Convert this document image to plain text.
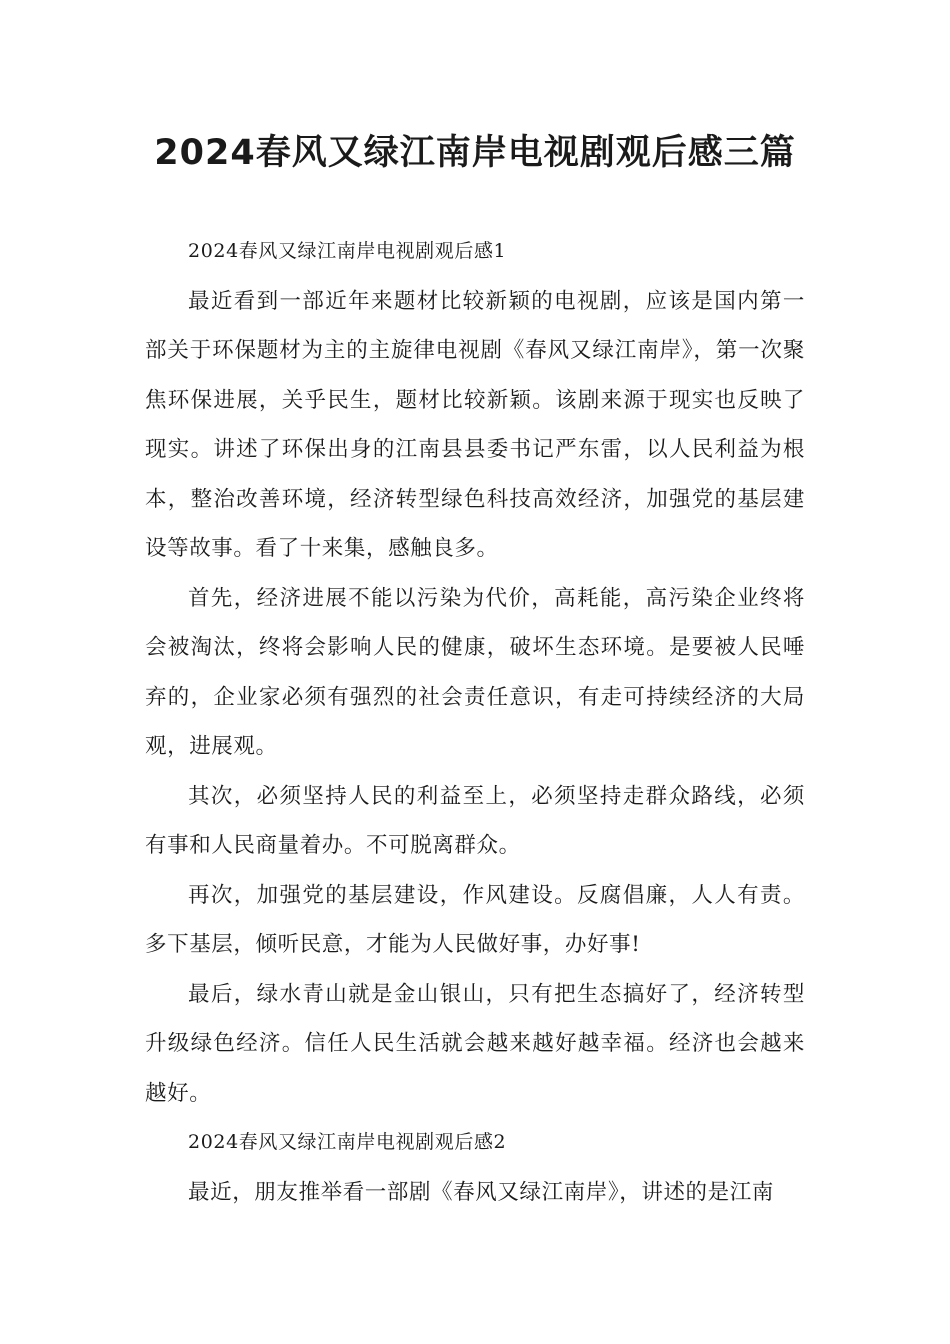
2024春风又绿江南岸电视剧观后感三篇

2024春风又绿江南岸电视剧观后感1

最近看到一部近年来题材比较新颖的电视剧，应该是国内第一部关于环保题材为主的主旋律电视剧《春风又绿江南岸》，第一次聚焦环保进展，关乎民生，题材比较新颖。该剧来源于现实也反映了现实。讲述了环保出身的江南县县委书记严东雷，以人民利益为根本，整治改善环境，经济转型绿色科技高效经济，加强党的基层建设等故事。看了十来集，感触良多。

首先，经济进展不能以污染为代价，高耗能，高污染企业终将会被淘汰，终将会影响人民的健康，破坏生态环境。是要被人民唾弃的，企业家必须有强烈的社会责任意识，有走可持续经济的大局观，进展观。

其次，必须坚持人民的利益至上，必须坚持走群众路线，必须有事和人民商量着办。不可脱离群众。

再次，加强党的基层建设，作风建设。反腐倡廉，人人有责。多下基层，倾听民意，才能为人民做好事，办好事!

最后，绿水青山就是金山银山，只有把生态搞好了，经济转型升级绿色经济。信任人民生活就会越来越好越幸福。经济也会越来越好。

2024春风又绿江南岸电视剧观后感2

最近，朋友推举看一部剧《春风又绿江南岸》，讲述的是江南
